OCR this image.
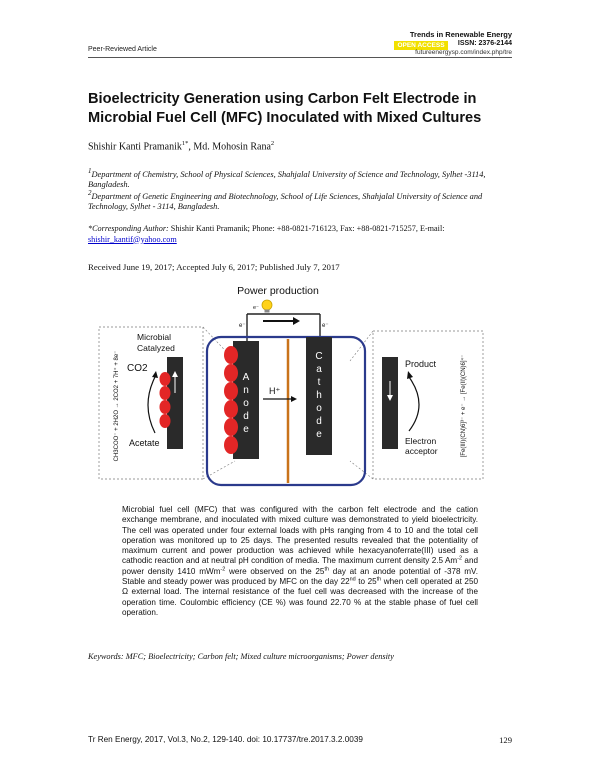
Trends in Renewable Energy
OPEN ACCESS	ISSN: 2376-2144
Peer-Reviewed Article	futureenergysp.com/index.php/tre
Bioelectricity Generation using Carbon Felt Electrode in
Microbial Fuel Cell (MFC) Inoculated with Mixed Cultures
Shishir Kanti Pramanik$^{1*}$, Md. Mohosin Rana$^2$
$^1$Department of Chemistry, School of Physical Sciences, Shahjalal University of Science and Technology, Sylhet -3114, Bangladesh.
$^2$Department of Genetic Engineering and Biotechnology, School of Life Sciences, Shahjalal University of Science and Technology, Sylhet - 3114, Bangladesh.
*Corresponding Author: Shishir Kanti Pramanik; Phone: +88-0821-716123, Fax: +88-0821-715257, E-mail: shishir_kantif@yahoo.com
Received June 19, 2017; Accepted July 6, 2017; Published July 7, 2017
Power production
e⁻
A
n
o
d
e
C
a
t
h
o
d
e
e⁻	e⁻
H⁺
Microbial
Catalyzed
CO2
Acetate
CH3COO⁻ + 2H2O → 2CO2 + 7H⁺ + 8e⁻	Product
Electron
acceptor	[Fe(III)(CN)6]³⁻ + e⁻ → [Fe(II)(CN)6]⁴⁻
Microbial fuel cell (MFC) that was configured with the carbon felt electrode and the cation exchange membrane, and inoculated with mixed culture was demonstrated to yield bioelectricity. The cell was operated under four external loads with pHs ranging from 4 to 10 and the total cell operation was monitored up to 25 days. The presented results revealed that the potentiality of maximum current and power production was achieved while hexacyanoferrate(III) used as a cathodic reaction and at neutral pH condition of media. The maximum current density 2.5 $Am^{-2}$ and power density 1410 mWm$^{-2}$ were observed on the 25th day at an anode potential of -378 mV. Stable and steady power was produced by MFC on the day 22nd to 25th when cell operated at 250 Ω external load. The internal resistance of the fuel cell was decreased with the increase of the operation time. Coulombic efficiency (CE %) was found 22.70 % at the stable phase of fuel cell operation.
Keywords: MFC; Bioelectricity; Carbon felt; Mixed culture microorganisms; Power density
Tr Ren Energy, 2017, Vol.3, No.2, 129-140. doi: 10.17737/tre.2017.3.2.0039	129
